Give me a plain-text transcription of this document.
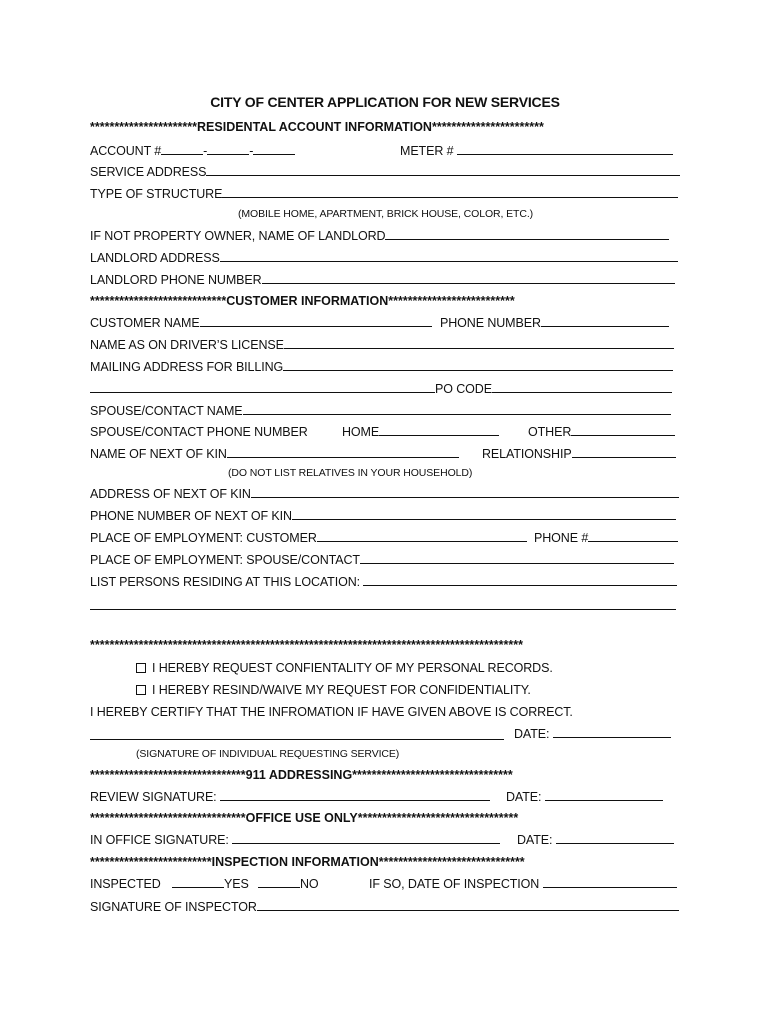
CITY OF CENTER APPLICATION FOR NEW SERVICES
**********************RESIDENTAL ACCOUNT INFORMATION***********************
ACCOUNT #	-	-	METER #
SERVICE ADDRESS
TYPE OF STRUCTURE
(MOBILE HOME, APARTMENT, BRICK HOUSE, COLOR, ETC.)
IF NOT PROPERTY OWNER, NAME OF LANDLORD
LANDLORD ADDRESS
LANDLORD PHONE NUMBER
****************************CUSTOMER INFORMATION**************************
CUSTOMER NAME	PHONE NUMBER
NAME AS ON DRIVER’S LICENSE
MAILING ADDRESS FOR BILLING
PO CODE
SPOUSE/CONTACT NAME
SPOUSE/CONTACT PHONE NUMBER	HOME	OTHER
NAME OF NEXT OF KIN	RELATIONSHIP
(DO NOT LIST RELATIVES IN YOUR HOUSEHOLD)
ADDRESS OF NEXT OF KIN
PHONE NUMBER OF NEXT OF KIN
PLACE OF EMPLOYMENT: CUSTOMER	PHONE #
PLACE OF EMPLOYMENT: SPOUSE/CONTACT
LIST PERSONS RESIDING AT THIS LOCATION:
*****************************************************************************************
I HEREBY REQUEST CONFIENTALITY OF MY PERSONAL RECORDS.
I HEREBY RESIND/WAIVE MY REQUEST FOR CONFIDENTIALITY.
I HEREBY CERTIFY THAT THE INFROMATION IF HAVE GIVEN ABOVE IS CORRECT.
DATE:
(SIGNATURE OF INDIVIDUAL REQUESTING SERVICE)
********************************911 ADDRESSING*********************************
REVIEW SIGNATURE:	DATE:
********************************OFFICE USE ONLY*********************************
IN OFFICE SIGNATURE:	DATE:
*************************INSPECTION INFORMATION******************************
INSPECTED	YES	NO	IF SO, DATE OF INSPECTION
SIGNATURE OF INSPECTOR
